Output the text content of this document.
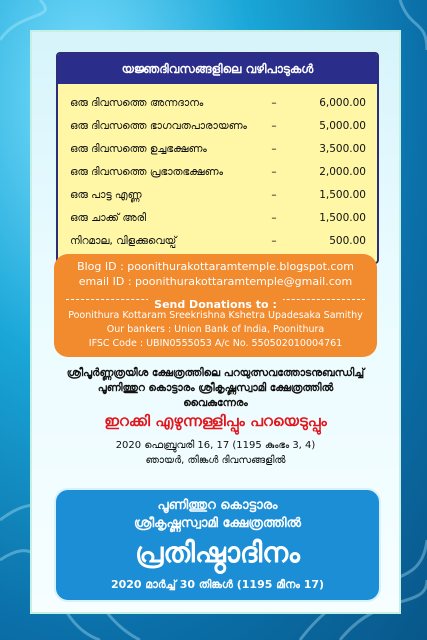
യജ്ഞദിവസങ്ങളിലെ വഴിപാടുകൾ
ഒരു ദിവസത്തെ അന്നദാനം	–	6,000.00
ഒരു ദിവസത്തെ ഭാഗവതപാരായണം	–	5,000.00
ഒരു ദിവസത്തെ ഉച്ചഭക്ഷണം	–	3,500.00
ഒരു ദിവസത്തെ പ്രഭാതഭക്ഷണം	–	2,000.00
ഒരു പാട്ട എണ്ണ	–	1,500.00
ഒരു ചാക്ക് അരി	–	1,500.00
നിറമാല, വിളക്കുവെയ്പ്	–	500.00
Blog ID : poonithurakottaramtemple.blogspot.com
email ID : poonithurakottaramtemple@gmail.com
Send Donations to :
Poonithura Kottaram Sreekrishna Kshetra Upadesaka Samithy
Our bankers : Union Bank of India, Poonithura
IFSC Code : UBIN0555053 A/c No. 550502010004761
ശ്രീപൂർണ്ണത്രയീശ ക്ഷേത്രത്തിലെ പറയുത്സവത്തോടനുബന്ധിച്ച്
പൂണിത്തുറ കൊട്ടാരം ശ്രീകൃഷ്ണസ്വാമി ക്ഷേത്രത്തിൽ
വൈകുന്നേരം
ഇറക്കി എഴുന്നള്ളിപ്പും പറയെടുപ്പും
2020 ഫെബ്രുവരി 16, 17 (1195 കുംഭം 3, 4)
ഞായർ, തിങ്കൾ ദിവസങ്ങളിൽ
പൂണിത്തുറ കൊട്ടാരം
ശ്രീകൃഷ്ണസ്വാമി ക്ഷേത്രത്തിൽ
പ്രതിഷ്ഠാദിനം
2020 മാർച്ച് 30 തിങ്കൾ (1195 മീനം 17)
